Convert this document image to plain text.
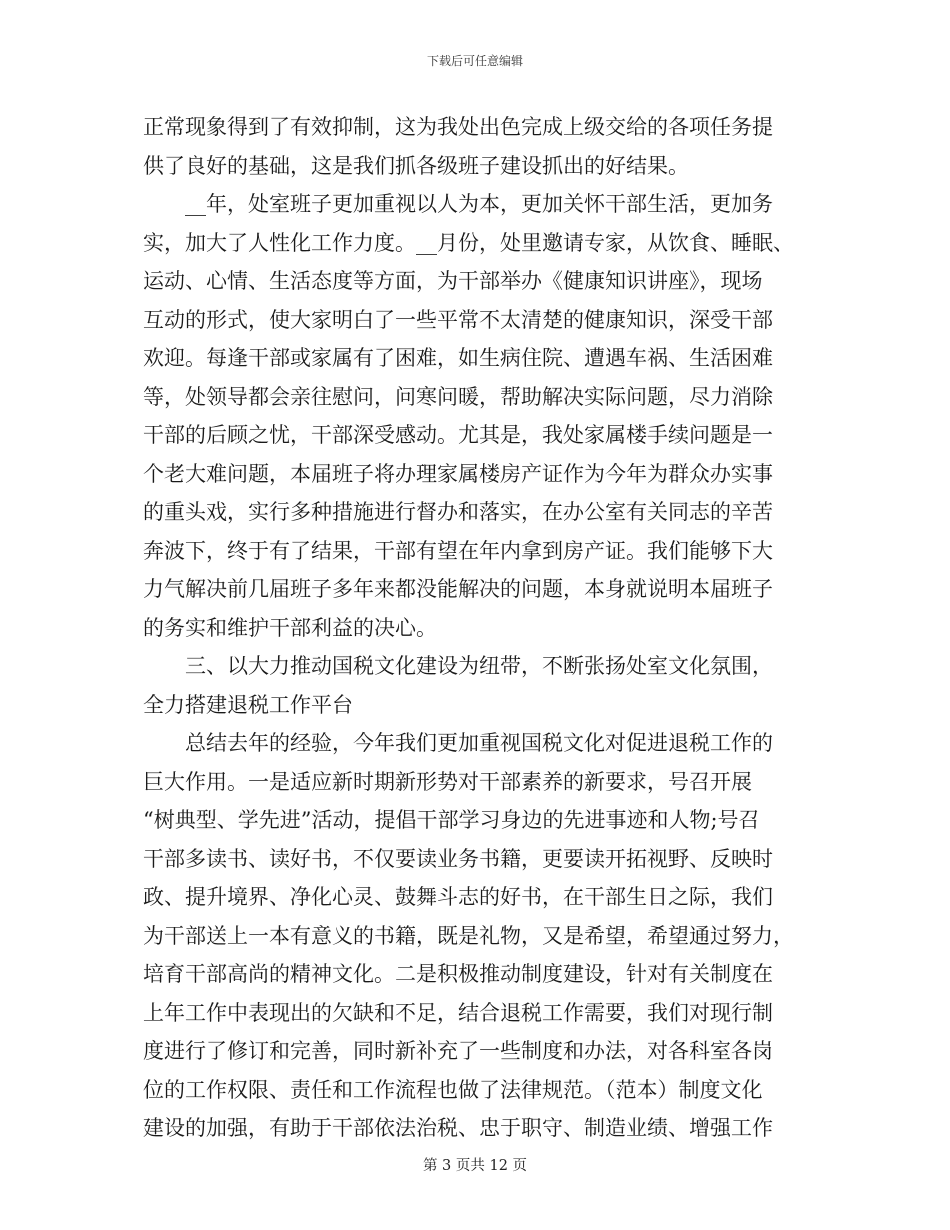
下载后可任意编辑
正常现象得到了有效抑制，这为我处出色完成上级交给的各项任务提
供了良好的基础，这是我们抓各级班子建设抓出的好结果。
　　__年，处室班子更加重视以人为本，更加关怀干部生活，更加务
实，加大了人性化工作力度。__月份，处里邀请专家，从饮食、睡眠、
运动、心情、生活态度等方面，为干部举办《健康知识讲座》，现场
互动的形式，使大家明白了一些平常不太清楚的健康知识，深受干部
欢迎。每逢干部或家属有了困难，如生病住院、遭遇车祸、生活困难
等，处领导都会亲往慰问，问寒问暖，帮助解决实际问题，尽力消除
干部的后顾之忧，干部深受感动。尤其是，我处家属楼手续问题是一
个老大难问题，本届班子将办理家属楼房产证作为今年为群众办实事
的重头戏，实行多种措施进行督办和落实，在办公室有关同志的辛苦
奔波下，终于有了结果，干部有望在年内拿到房产证。我们能够下大
力气解决前几届班子多年来都没能解决的问题，本身就说明本届班子
的务实和维护干部利益的决心。
　　三、以大力推动国税文化建设为纽带，不断张扬处室文化氛围，
全力搭建退税工作平台
　　总结去年的经验，今年我们更加重视国税文化对促进退税工作的
巨大作用。一是适应新时期新形势对干部素养的新要求，号召开展
“树典型、学先进”活动，提倡干部学习身边的先进事迹和人物;号召
干部多读书、读好书，不仅要读业务书籍，更要读开拓视野、反映时
政、提升境界、净化心灵、鼓舞斗志的好书，在干部生日之际，我们
为干部送上一本有意义的书籍，既是礼物，又是希望，希望通过努力，
培育干部高尚的精神文化。二是积极推动制度建设，针对有关制度在
上年工作中表现出的欠缺和不足，结合退税工作需要，我们对现行制
度进行了修订和完善，同时新补充了一些制度和办法，对各科室各岗
位的工作权限、责任和工作流程也做了法律规范。（范本）制度文化
建设的加强，有助于干部依法治税、忠于职守、制造业绩、增强工作
第 3 页共 12 页
